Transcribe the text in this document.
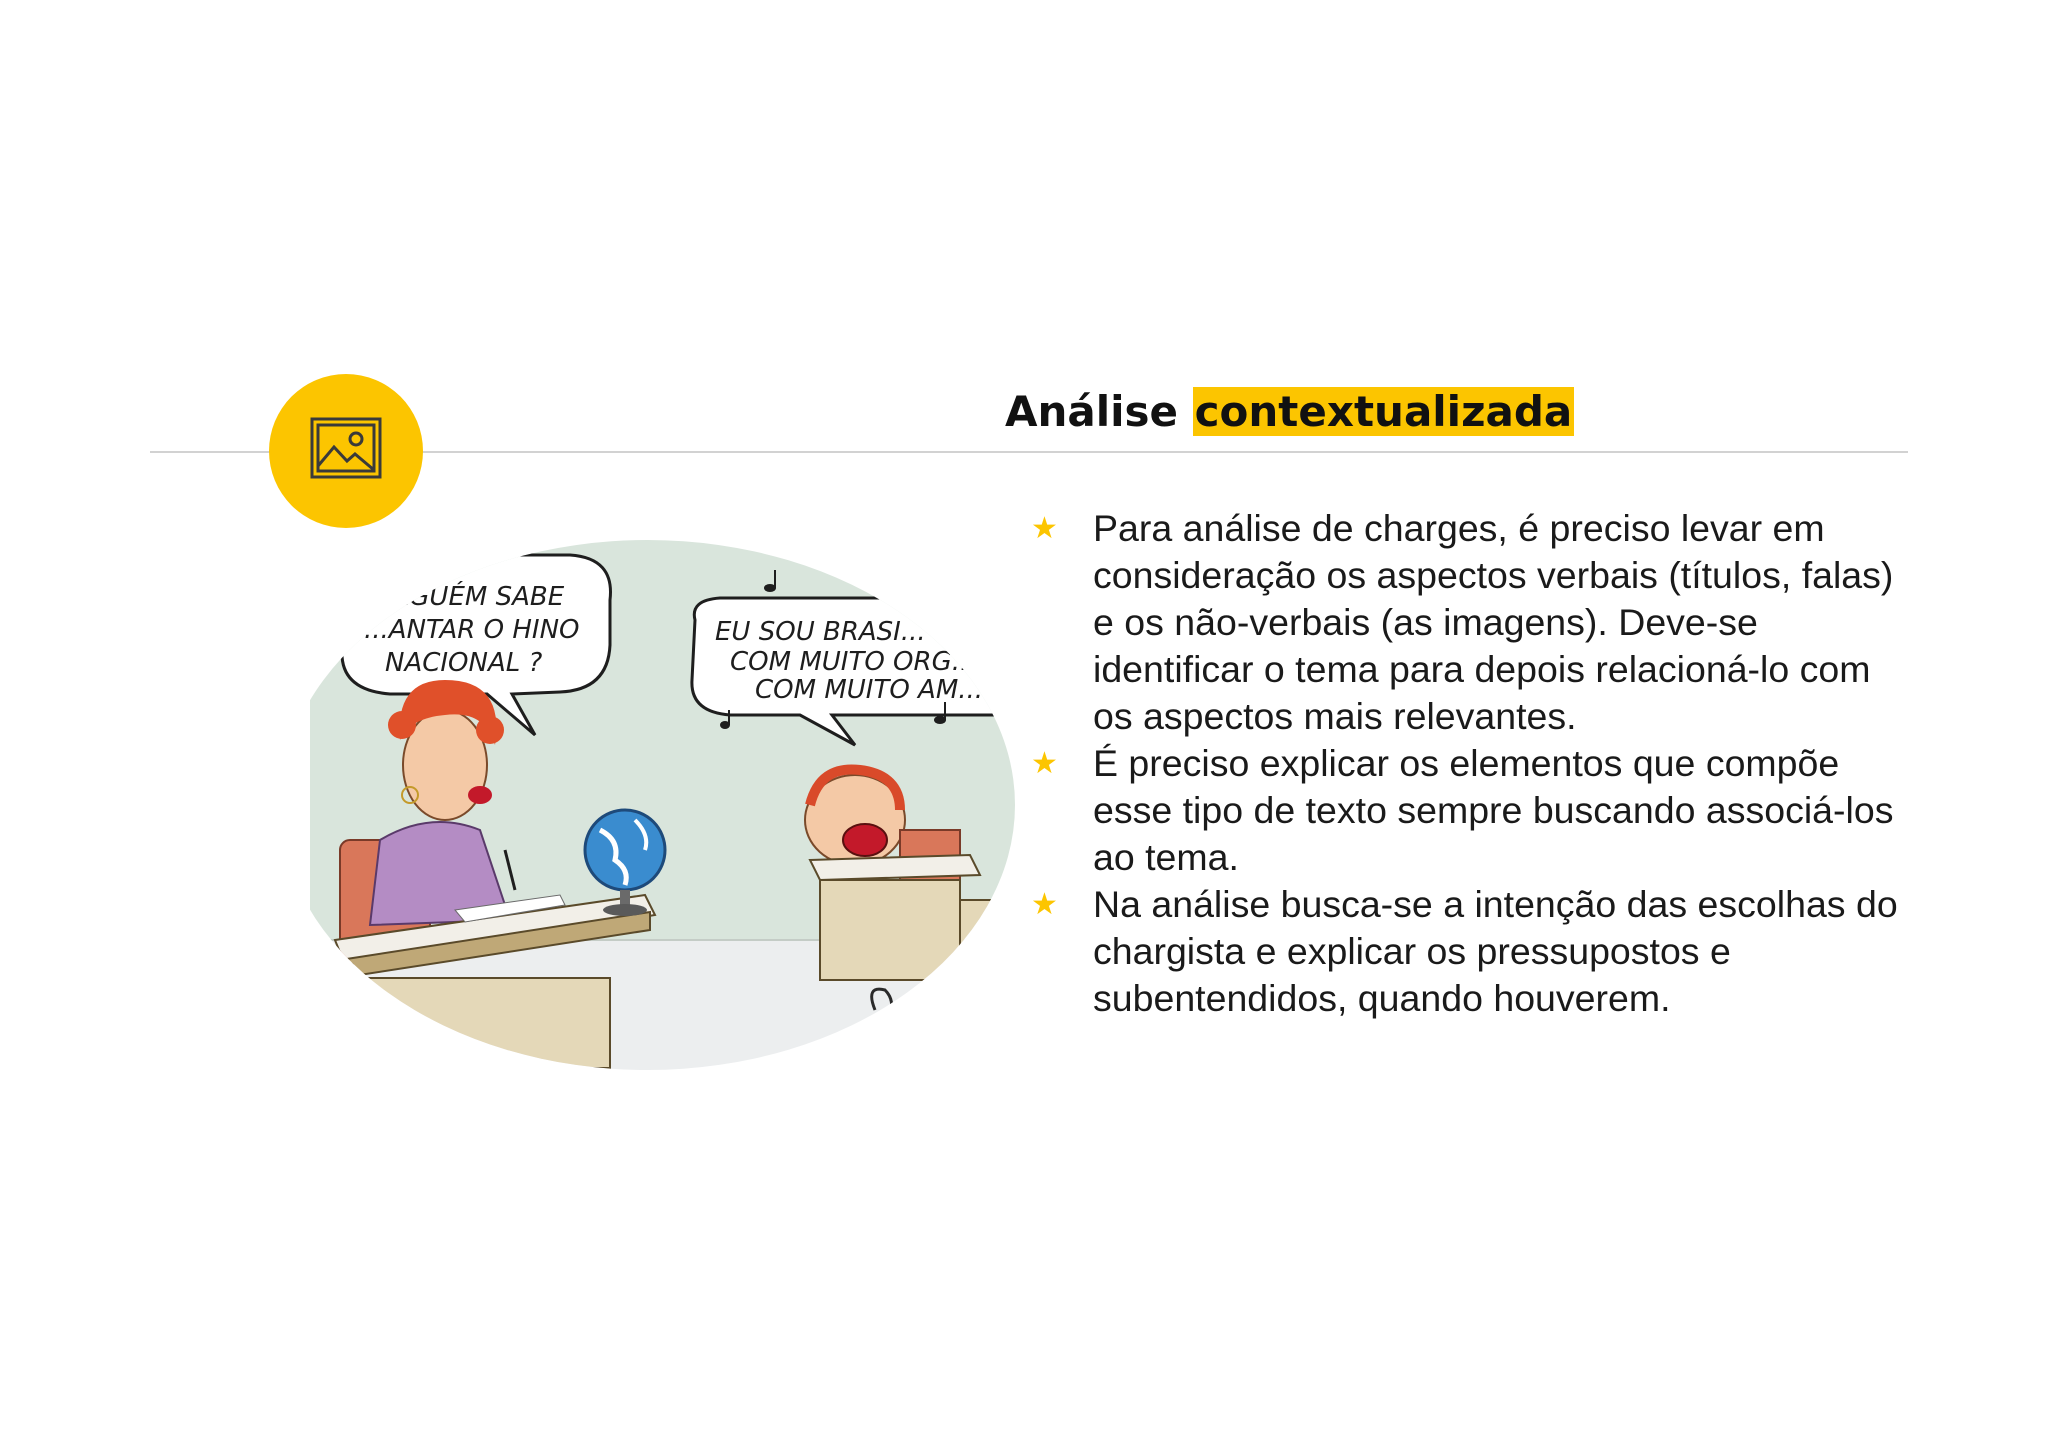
Análise contextualizada
...LGUÉM SABE
...ANTAR O HINO
NACIONAL ?
EU SOU BRASI...
COM MUITO ORG...
COM MUITO AM...
★ Para análise de charges, é preciso levar em consideração os aspectos verbais (títulos, falas) e os não-verbais (as imagens). Deve-se identificar o tema para depois relacioná-lo com os aspectos mais relevantes.
★ É preciso explicar os elementos que compõe esse tipo de texto sempre buscando associá-los ao tema.
★ Na análise busca-se a intenção das escolhas do chargista e explicar os pressupostos e subentendidos, quando houverem.
